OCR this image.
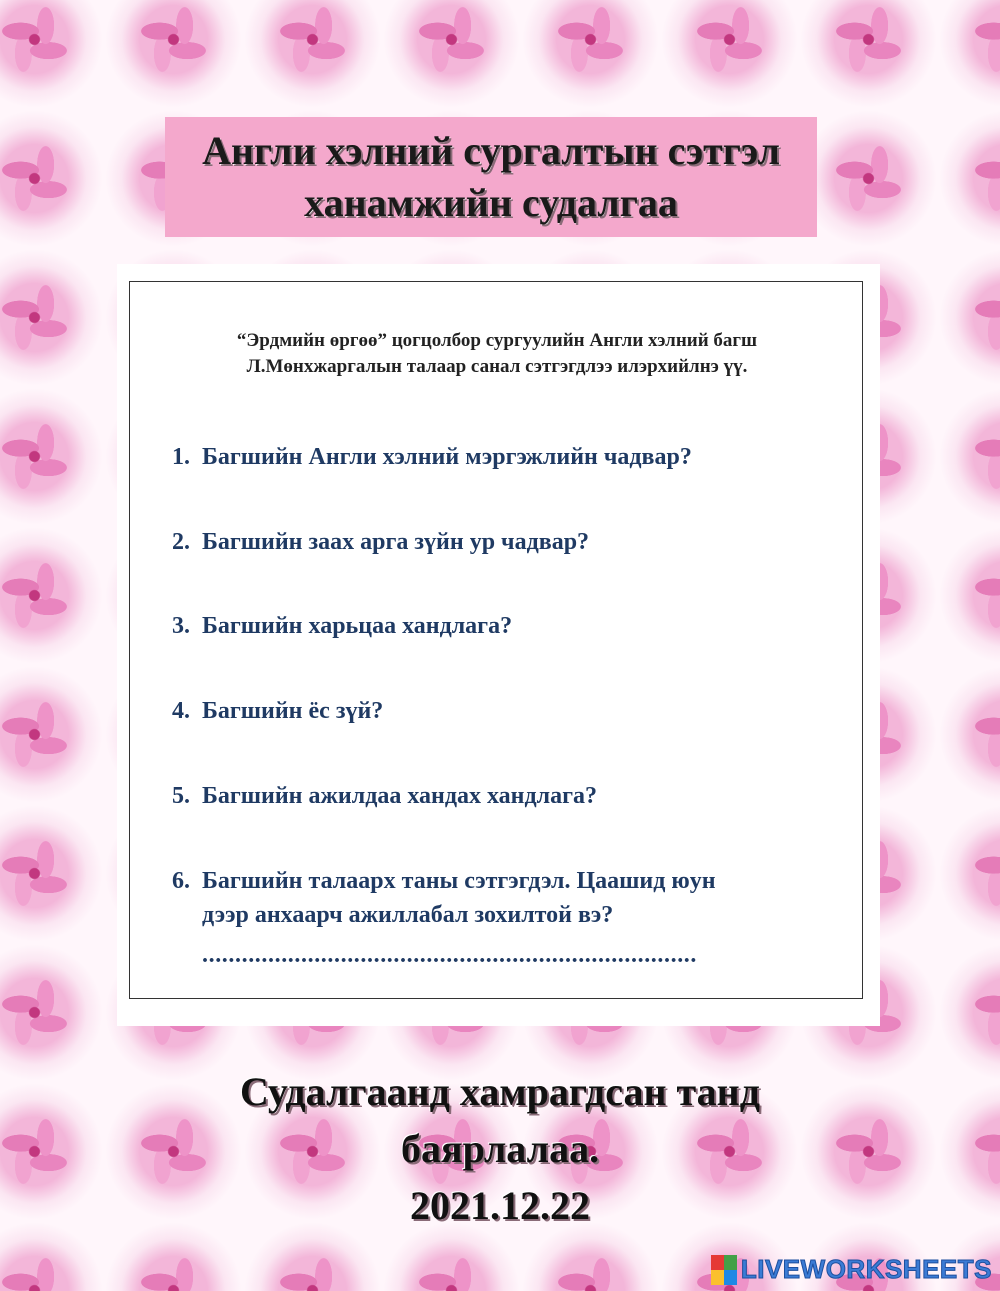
Англи хэлний сургалтын сэтгэл
ханамжийн судалгаа
“Эрдмийн өргөө” цогцолбор сургуулийн Англи хэлний багш
Л.Мөнхжаргалын талаар санал сэтгэгдлээ илэрхийлнэ үү.
1. Багшийн Англи хэлний мэргэжлийн чадвар?
2. Багшийн заах арга зүйн ур чадвар?
3. Багшийн харьцаа хандлага?
4. Багшийн ёс зүй?
5. Багшийн ажилдаа хандах хандлага?
6. Багшийн талаарх таны сэтгэгдэл. Цаашид юун
дээр анхаарч ажиллабал зохилтой вэ?
...........................................................................
Судалгаанд хамрагдсан танд
баярлалаа.
2021.12.22
LIVEWORKSHEETS
